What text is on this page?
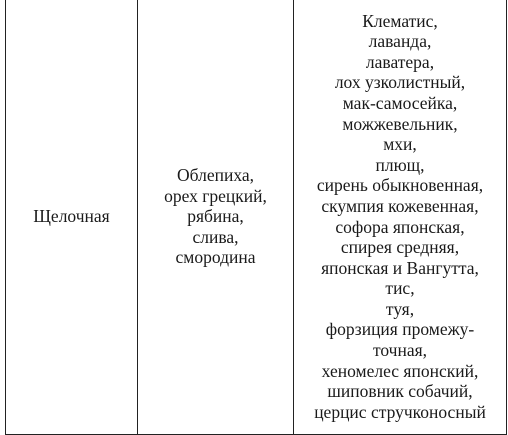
Щелочная

Облепиха,
орех грецкий,
рябина,
слива,
смородина

Клематис,
лаванда,
лаватера,
лох узколистный,
мак-самосейка,
можжевельник,
мхи,
плющ,
сирень обыкновенная,
скумпия кожевенная,
софора японская,
спирея средняя,
японская и Вангутта,
тис,
туя,
форзиция промежу-
точная,
хеномелес японский,
шиповник собачий,
церцис стручконосный
